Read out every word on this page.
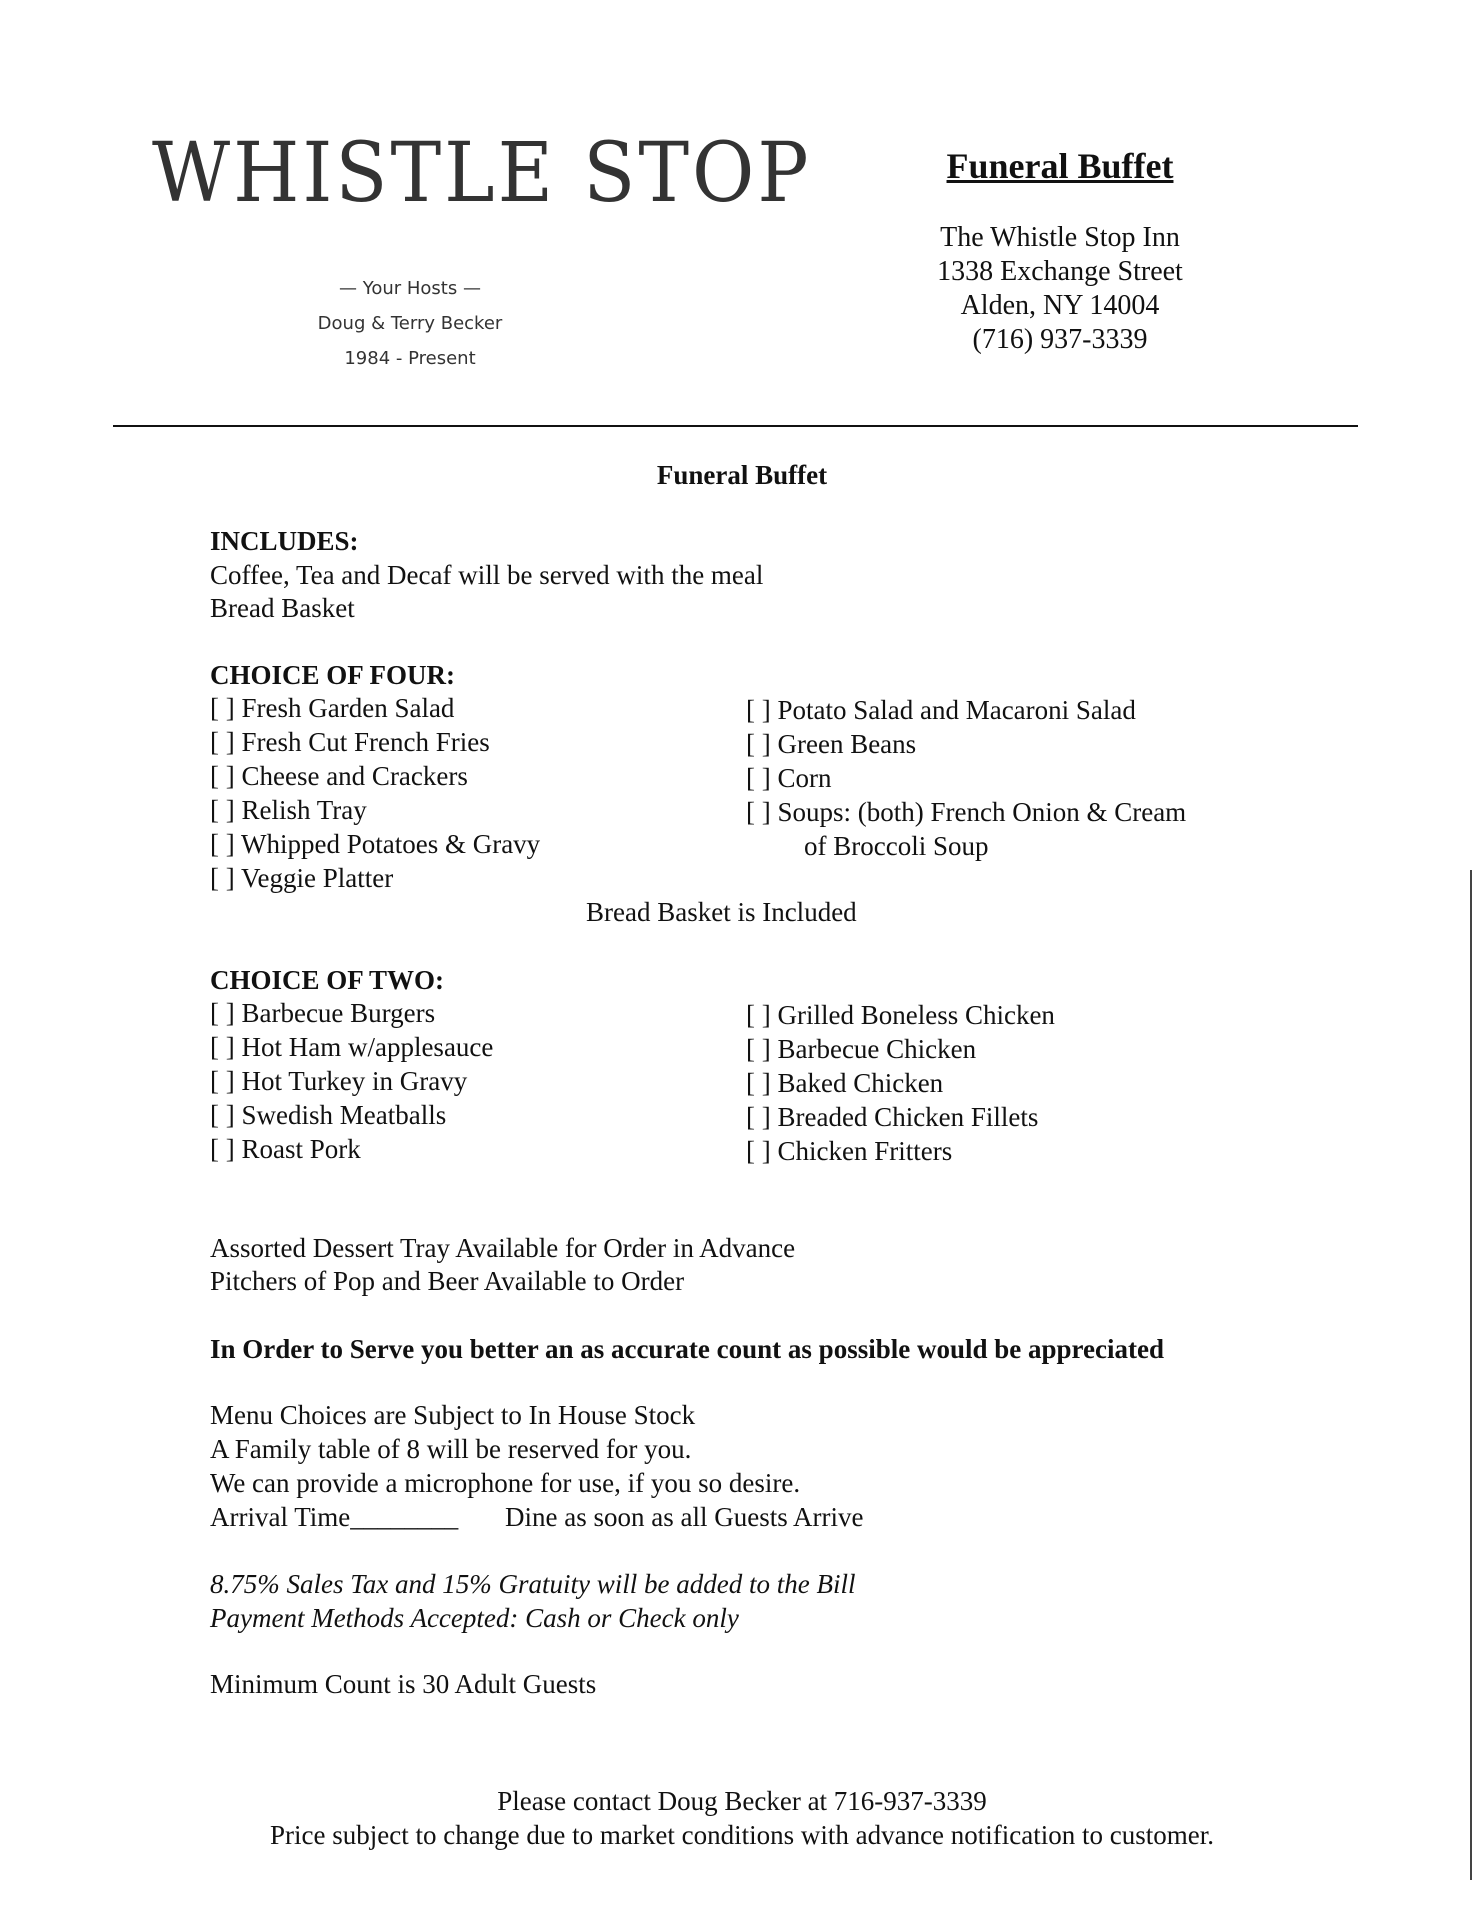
WHISTLE STOP
— Your Hosts —
Doug & Terry Becker
1984 - Present
Funeral Buffet
The Whistle Stop Inn
1338 Exchange Street
Alden, NY 14004
(716) 937-3339
Funeral Buffet
INCLUDES:
Coffee, Tea and Decaf will be served with the meal
Bread Basket
CHOICE OF FOUR:
[ ] Fresh Garden Salad
[ ] Fresh Cut French Fries
[ ] Cheese and Crackers
[ ] Relish Tray
[ ] Whipped Potatoes & Gravy
[ ] Veggie Platter
[ ] Potato Salad and Macaroni Salad
[ ] Green Beans
[ ] Corn
[ ] Soups: (both) French Onion & Cream
of Broccoli Soup
Bread Basket is Included
CHOICE OF TWO:
[ ] Barbecue Burgers
[ ] Hot Ham w/applesauce
[ ] Hot Turkey in Gravy
[ ] Swedish Meatballs
[ ] Roast Pork
[ ] Grilled Boneless Chicken
[ ] Barbecue Chicken
[ ] Baked Chicken
[ ] Breaded Chicken Fillets
[ ] Chicken Fritters
Assorted Dessert Tray Available for Order in Advance
Pitchers of Pop and Beer Available to Order
In Order to Serve you better an as accurate count as possible would be appreciated
Menu Choices are Subject to In House Stock
A Family table of 8 will be reserved for you.
We can provide a microphone for use, if you so desire.
Arrival Time________ Dine as soon as all Guests Arrive
8.75% Sales Tax and 15% Gratuity will be added to the Bill
Payment Methods Accepted: Cash or Check only
Minimum Count is 30 Adult Guests
Please contact Doug Becker at 716-937-3339
Price subject to change due to market conditions with advance notification to customer.
